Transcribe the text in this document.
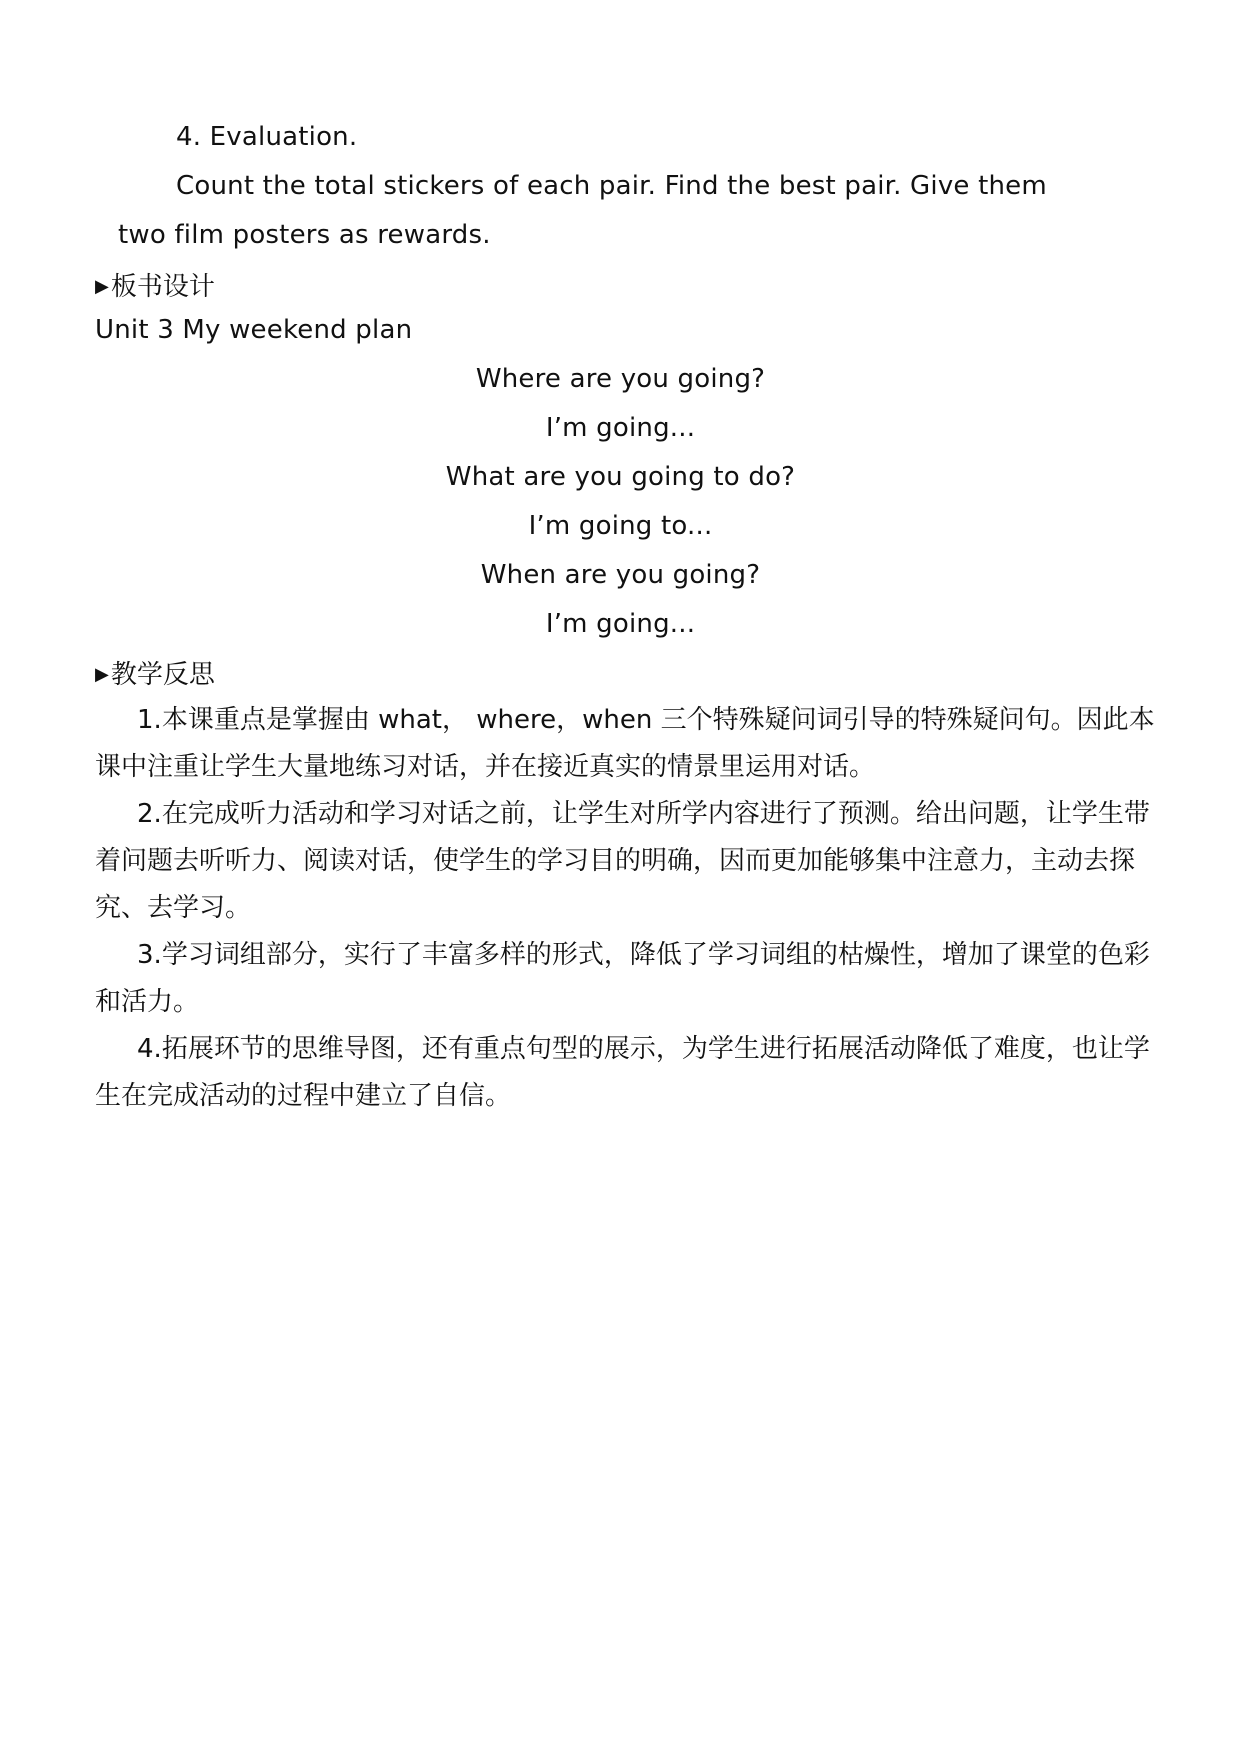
4. Evaluation.
Count the total stickers of each pair. Find the best pair. Give them
two film posters as rewards.
▶板书设计
Unit 3 My weekend plan
Where are you going?
I’m going...
What are you going to do?
I’m going to...
When are you going?
I’m going...
▶教学反思
1.本课重点是掌握由 what， where，when 三个特殊疑问词引导的特殊疑问句。因此本课中注重让学生大量地练习对话，并在接近真实的情景里运用对话。
2.在完成听力活动和学习对话之前，让学生对所学内容进行了预测。给出问题，让学生带着问题去听听力、阅读对话，使学生的学习目的明确，因而更加能够集中注意力，主动去探究、去学习。
3.学习词组部分，实行了丰富多样的形式，降低了学习词组的枯燥性，增加了课堂的色彩和活力。
4.拓展环节的思维导图，还有重点句型的展示，为学生进行拓展活动降低了难度，也让学生在完成活动的过程中建立了自信。
